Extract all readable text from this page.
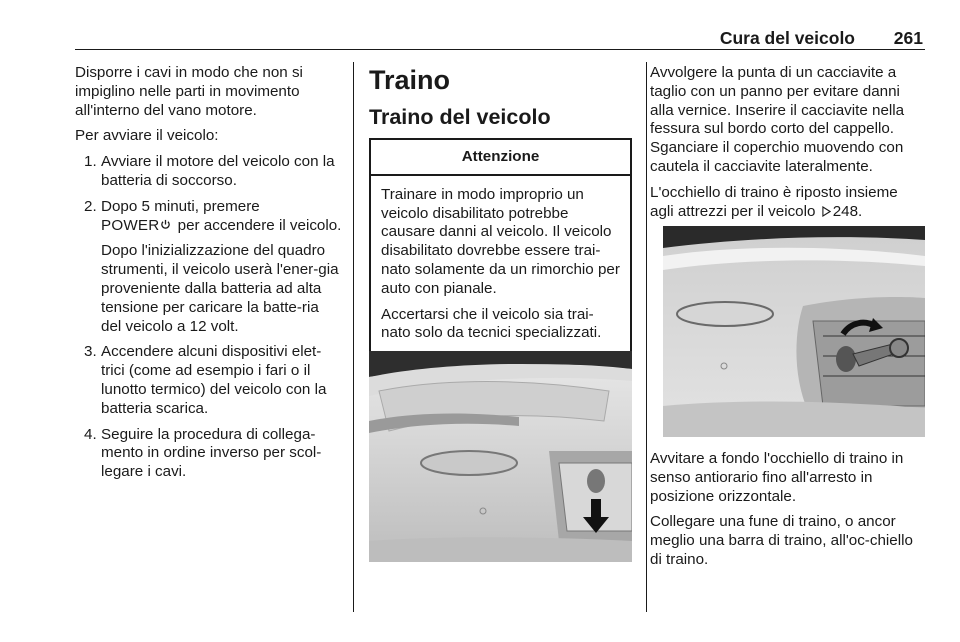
Cura del veicolo 261

Disporre i cavi in modo che non si impiglino nelle parti in movimento all'interno del vano motore.

Per avviare il veicolo:

1. Avviare il motore del veicolo con la batteria di soccorso.
2. Dopo 5 minuti, premere
POWER per accendere il veicolo.

Dopo l'inizializzazione del quadro strumenti, il veicolo userà l'ener-gia proveniente dalla batteria ad alta tensione per caricare la batte-ria del veicolo a 12 volt.

3. Accendere alcuni dispositivi elet-trici (come ad esempio i fari o il lunotto termico) del veicolo con la batteria scarica.
4. Seguire la procedura di collega-mento in ordine inverso per scol-legare i cavi.
Traino
Traino del veicolo
Attenzione

Trainare in modo improprio un veicolo disabilitato potrebbe causare danni al veicolo. Il veicolo disabilitato dovrebbe essere trai-nato solamente da un rimorchio per auto con pianale.

Accertarsi che il veicolo sia trai-nato solo da tecnici specializzati.

Avvolgere la punta di un cacciavite a taglio con un panno per evitare danni alla vernice. Inserire il cacciavite nella fessura sul bordo corto del cappello. Sganciare il coperchio muovendo con cautela il cacciavite lateralmente.

L'occhiello di traino è riposto insieme agli attrezzi per il veicolo 248.

Avvitare a fondo l'occhiello di traino in senso antiorario fino all'arresto in posizione orizzontale.

Collegare una fune di traino, o ancor meglio una barra di traino, all'oc-chiello di traino.
